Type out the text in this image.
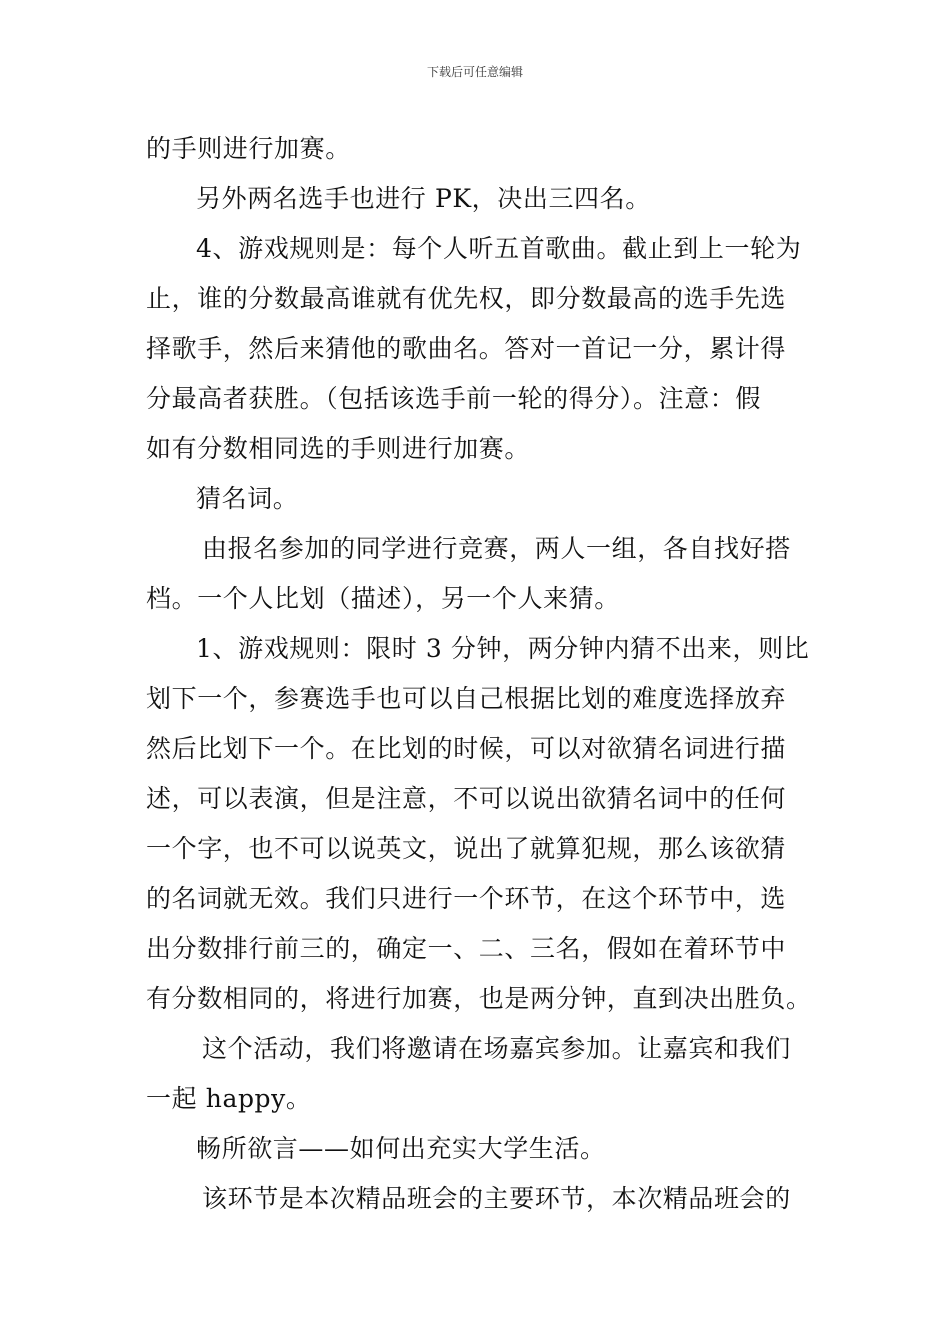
下载后可任意编辑
的手则进行加赛。
另外两名选手也进行 PK，决出三四名。
4、游戏规则是：每个人听五首歌曲。截止到上一轮为
止，谁的分数最高谁就有优先权，即分数最高的选手先选
择歌手，然后来猜他的歌曲名。答对一首记一分，累计得
分最高者获胜。（包括该选手前一轮的得分）。注意：假
如有分数相同选的手则进行加赛。
猜名词。
由报名参加的同学进行竞赛，两人一组，各自找好搭
档。一个人比划（描述），另一个人来猜。
1、游戏规则：限时 3 分钟，两分钟内猜不出来，则比
划下一个，参赛选手也可以自己根据比划的难度选择放弃
然后比划下一个。在比划的时候，可以对欲猜名词进行描
述，可以表演，但是注意，不可以说出欲猜名词中的任何
一个字，也不可以说英文，说出了就算犯规，那么该欲猜
的名词就无效。我们只进行一个环节，在这个环节中，选
出分数排行前三的，确定一、二、三名，假如在着环节中
有分数相同的，将进行加赛，也是两分钟，直到决出胜负。
这个活动，我们将邀请在场嘉宾参加。让嘉宾和我们
一起 happy。
畅所欲言——如何出充实大学生活。
该环节是本次精品班会的主要环节，本次精品班会的
